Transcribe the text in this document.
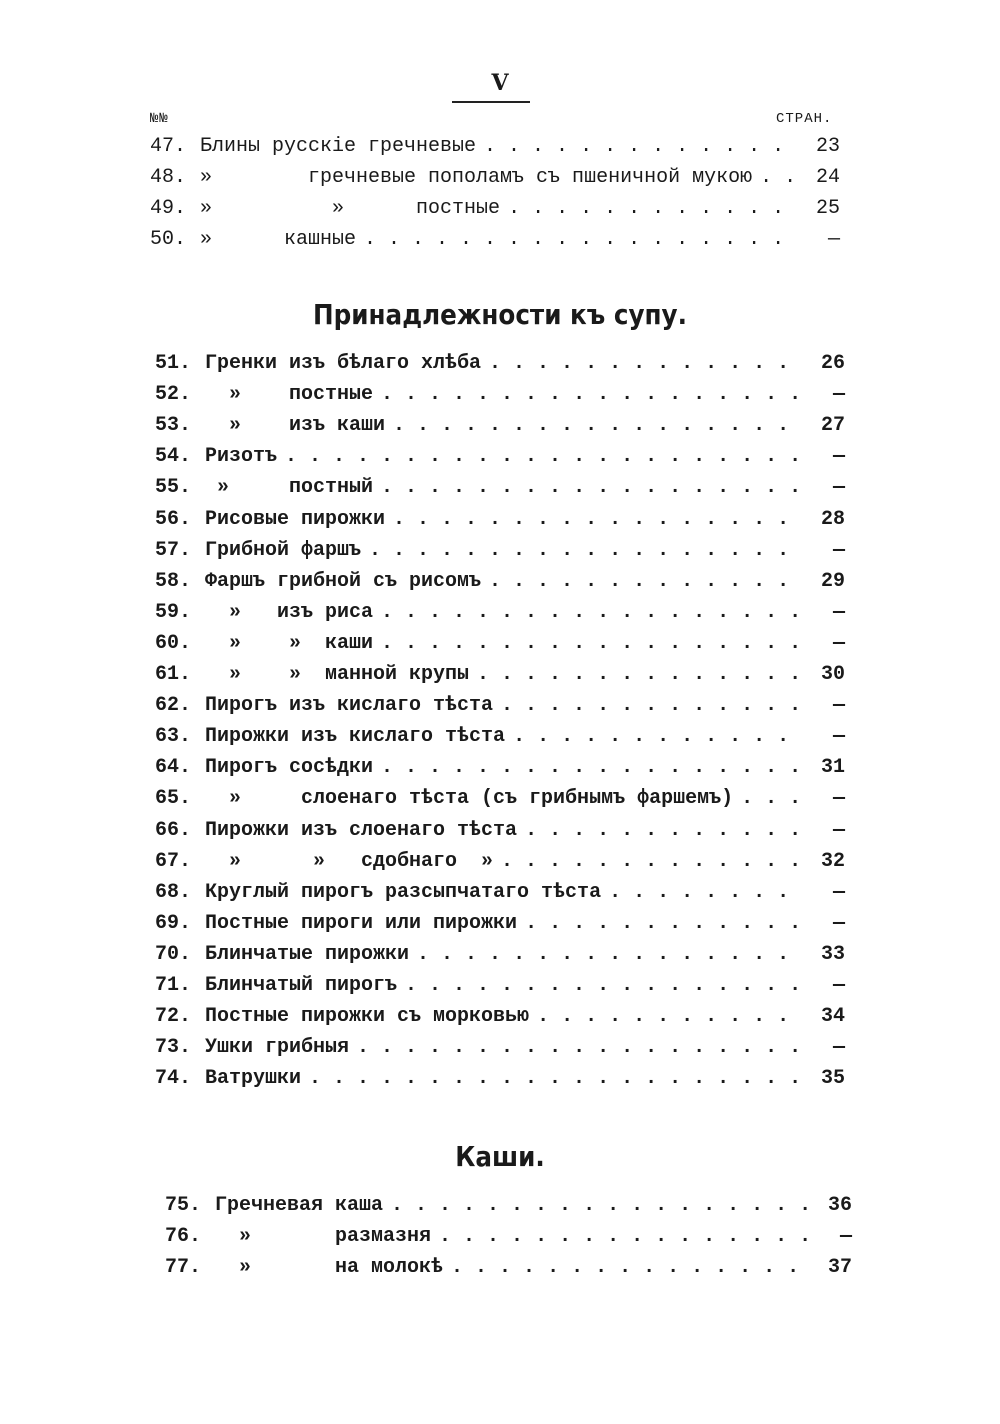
V
№№	СТРАН.
47. Блины русскіе гречневые . . .	23
48. »        гречневые пополамъ съ пшеничной мукою . . .	24
49. »          »      постные . . .	25
50. »      кашные . . .	—
Принадлежности къ супу.
51. Гренки изъ бѣлаго хлѣба . . .	26
52. »    постные . . .	—
53. »    изъ каши . . .	27
54. Ризотъ . . .	—
55. »     постный . . .	—
56. Рисовые пирожки . . .	28
57. Грибной фаршъ . . .	—
58. Фаршъ грибной съ рисомъ . . .	29
59. »   изъ риса . . .	—
60. »    »  каши . . .	—
61. »    »  манной крупы . . .	30
62. Пирогъ изъ кислаго тѣста . . .	—
63. Пирожки изъ кислаго тѣста . . .	—
64. Пирогъ сосѣдки . . .	31
65. »     слоенаго тѣста (съ грибнымъ фаршемъ) . . .	—
66. Пирожки изъ слоенаго тѣста . . .	—
67. »      »   сдобнаго  » . . .	32
68. Круглый пирогъ разсыпчатаго тѣста . . .	—
69. Постные пироги или пирожки . . .	—
70. Блинчатые пирожки . . .	33
71. Блинчатый пирогъ . . .	—
72. Постные пирожки съ морковью . . .	34
73. Ушки грибныя . . .	—
74. Ватрушки . . .	35
Каши.
75. Гречневая каша . . .	36
76. »       размазня . . .	—
77. »       на молокѣ . . .	37
